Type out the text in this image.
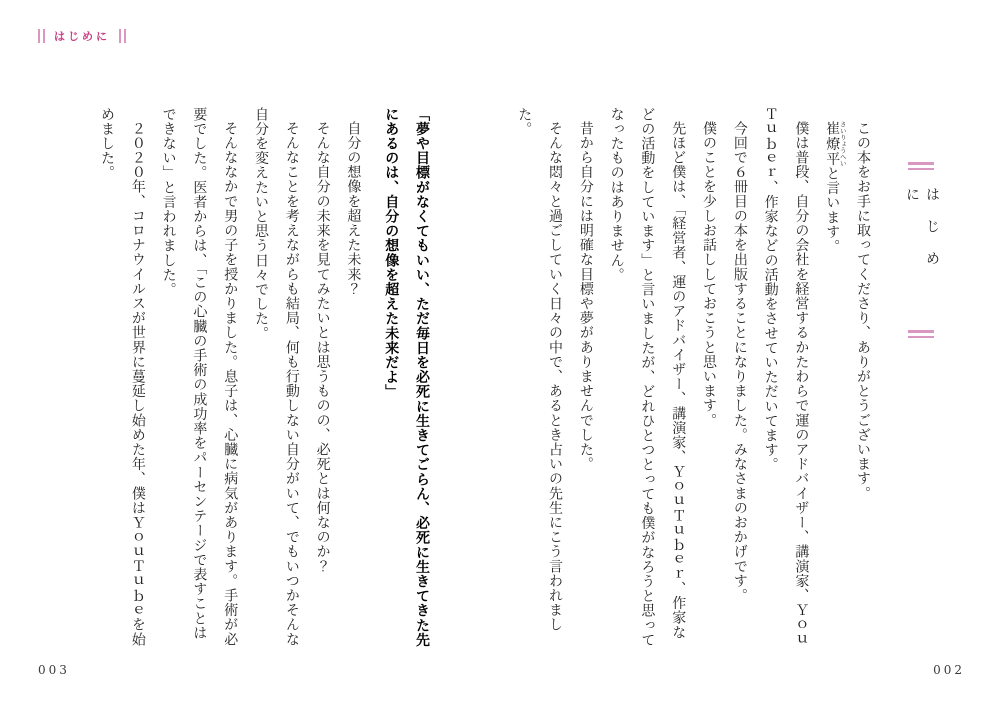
はじめに
はじめに

この本をお手に取ってくださり、ありがとうございます。

崔燎平 さいりょうへいと言います。

僕は普段、自分の会社を経営するかたわらで運のアドバイザー、講演家、ＹｏｕＴｕｂｅｒ、作家などの活動をさせていただいてます。

今回で６冊目の本を出版することになりました。みなさまのおかげです。

僕のことを少しお話ししておこうと思います。

先ほど僕は、「経営者、運のアドバイザー、講演家、ＹｏｕＴｕｂｅｒ、作家などの活動をしています」と言いましたが、どれひとつとっても僕がなろうと思ってなったものはありません。

昔から自分には明確な目標や夢がありませんでした。

そんな悶々と過ごしていく日々の中で、あるとき占いの先生にこう言われました。

002

「夢や目標がなくてもいい、ただ毎日を必死に生きてごらん、必死に生きてきた先にあるのは、自分の想像を超えた未来だよ」

自分の想像を超えた未来？

そんな自分の未来を見てみたいとは思うものの、必死とは何なのか？

そんなことを考えながらも結局、何も行動しない自分がいて、でもいつかそんな自分を変えたいと思う日々でした。

そんななかで男の子を授かりました。息子は、心臓に病気があります。手術が必要でした。医者からは、「この心臓の手術の成功率をパーセンテージで表すことはできない」と言われました。

２０２０年、コロナウイルスが世界に蔓延し始めた年、僕はＹｏｕＴｕｂｅを始めました。

003
